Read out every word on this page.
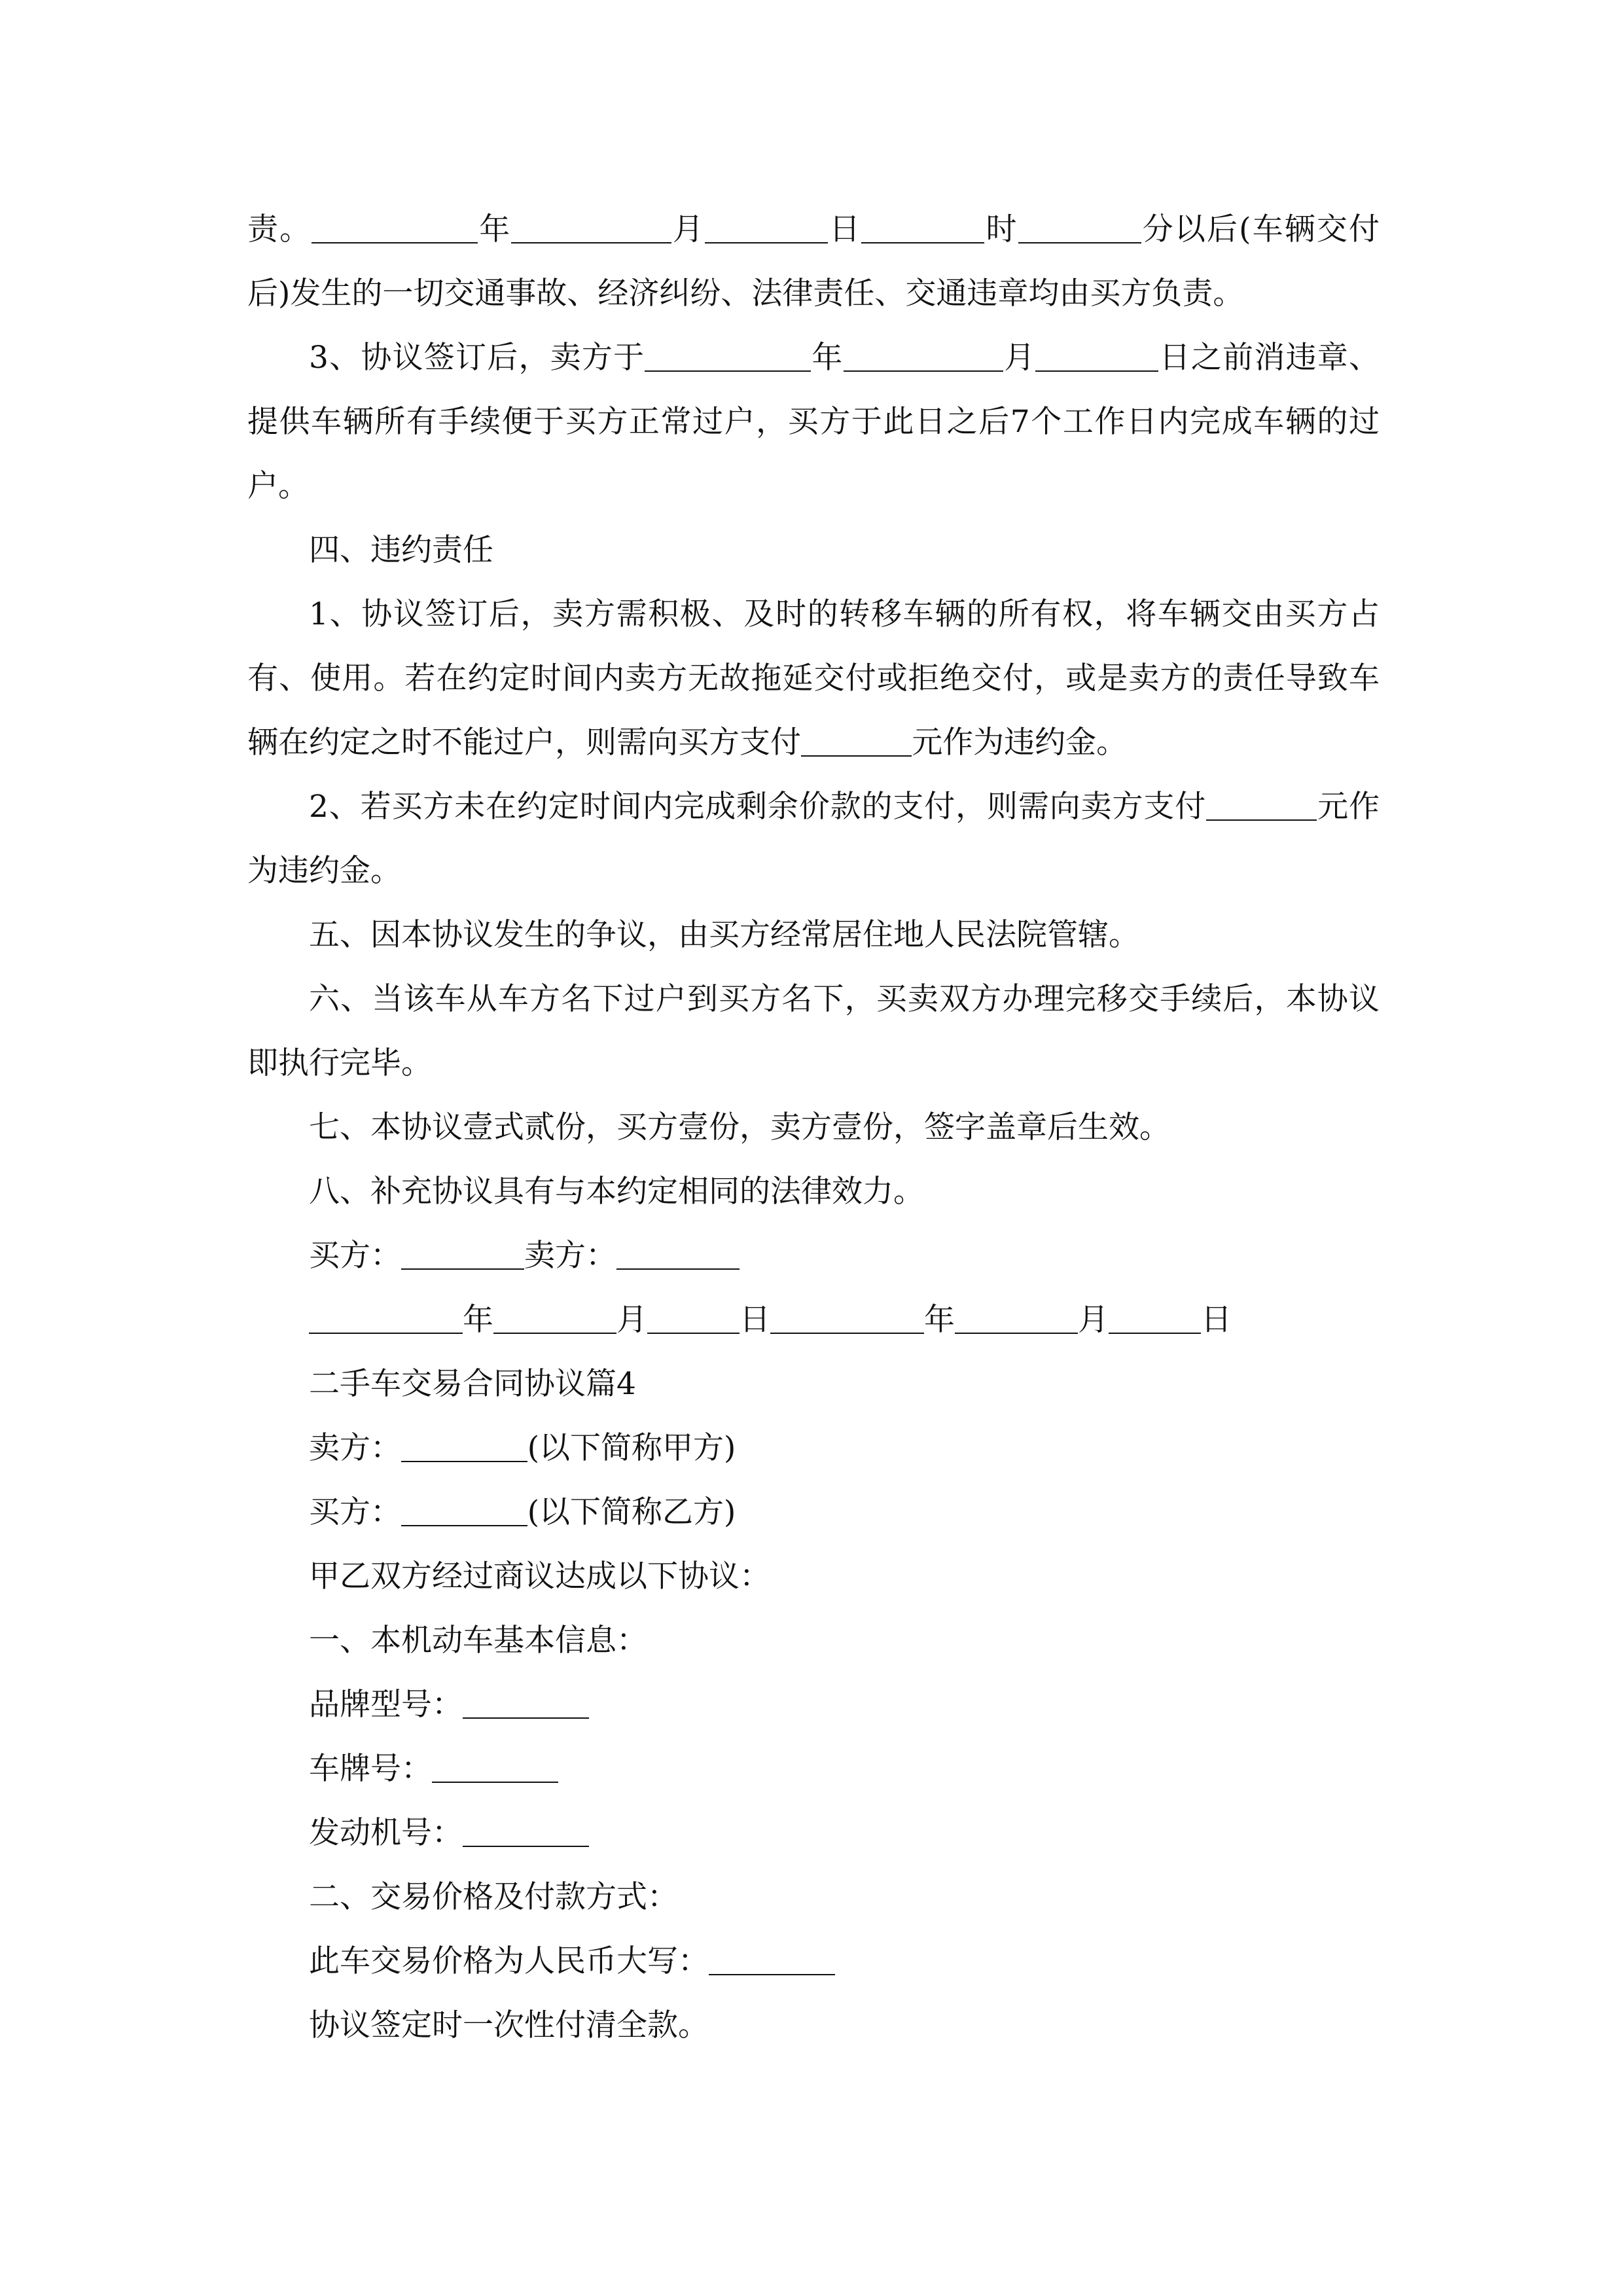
责。	年	月	日	时	分以后(车辆交付后)发生的一切交通事故、经济纠纷、法律责任、交通违章均由买方负责。

3、协议签订后，卖方于	年	月	日之前消违章、提供车辆所有手续便于买方正常过户，买方于此日之后7个工作日内完成车辆的过户。

四、违约责任

1、协议签订后，卖方需积极、及时的转移车辆的所有权，将车辆交由买方占有、使用。若在约定时间内卖方无故拖延交付或拒绝交付，或是卖方的责任导致车辆在约定之时不能过户，则需向买方支付	元作为违约金。

2、若买方未在约定时间内完成剩余价款的支付，则需向卖方支付	元作为违约金。

五、因本协议发生的争议，由买方经常居住地人民法院管辖。

六、当该车从车方名下过户到买方名下，买卖双方办理完移交手续后，本协议即执行完毕。

七、本协议壹式贰份，买方壹份，卖方壹份，签字盖章后生效。

八、补充协议具有与本约定相同的法律效力。

买方：	卖方：
年	月	日	年	月	日
二手车交易合同协议篇4
卖方：	(以下简称甲方)
买方：	(以下简称乙方)
甲乙双方经过商议达成以下协议：
一、本机动车基本信息：
品牌型号：
车牌号：
发动机号：
二、交易价格及付款方式：
此车交易价格为人民币大写：
协议签定时一次性付清全款。
